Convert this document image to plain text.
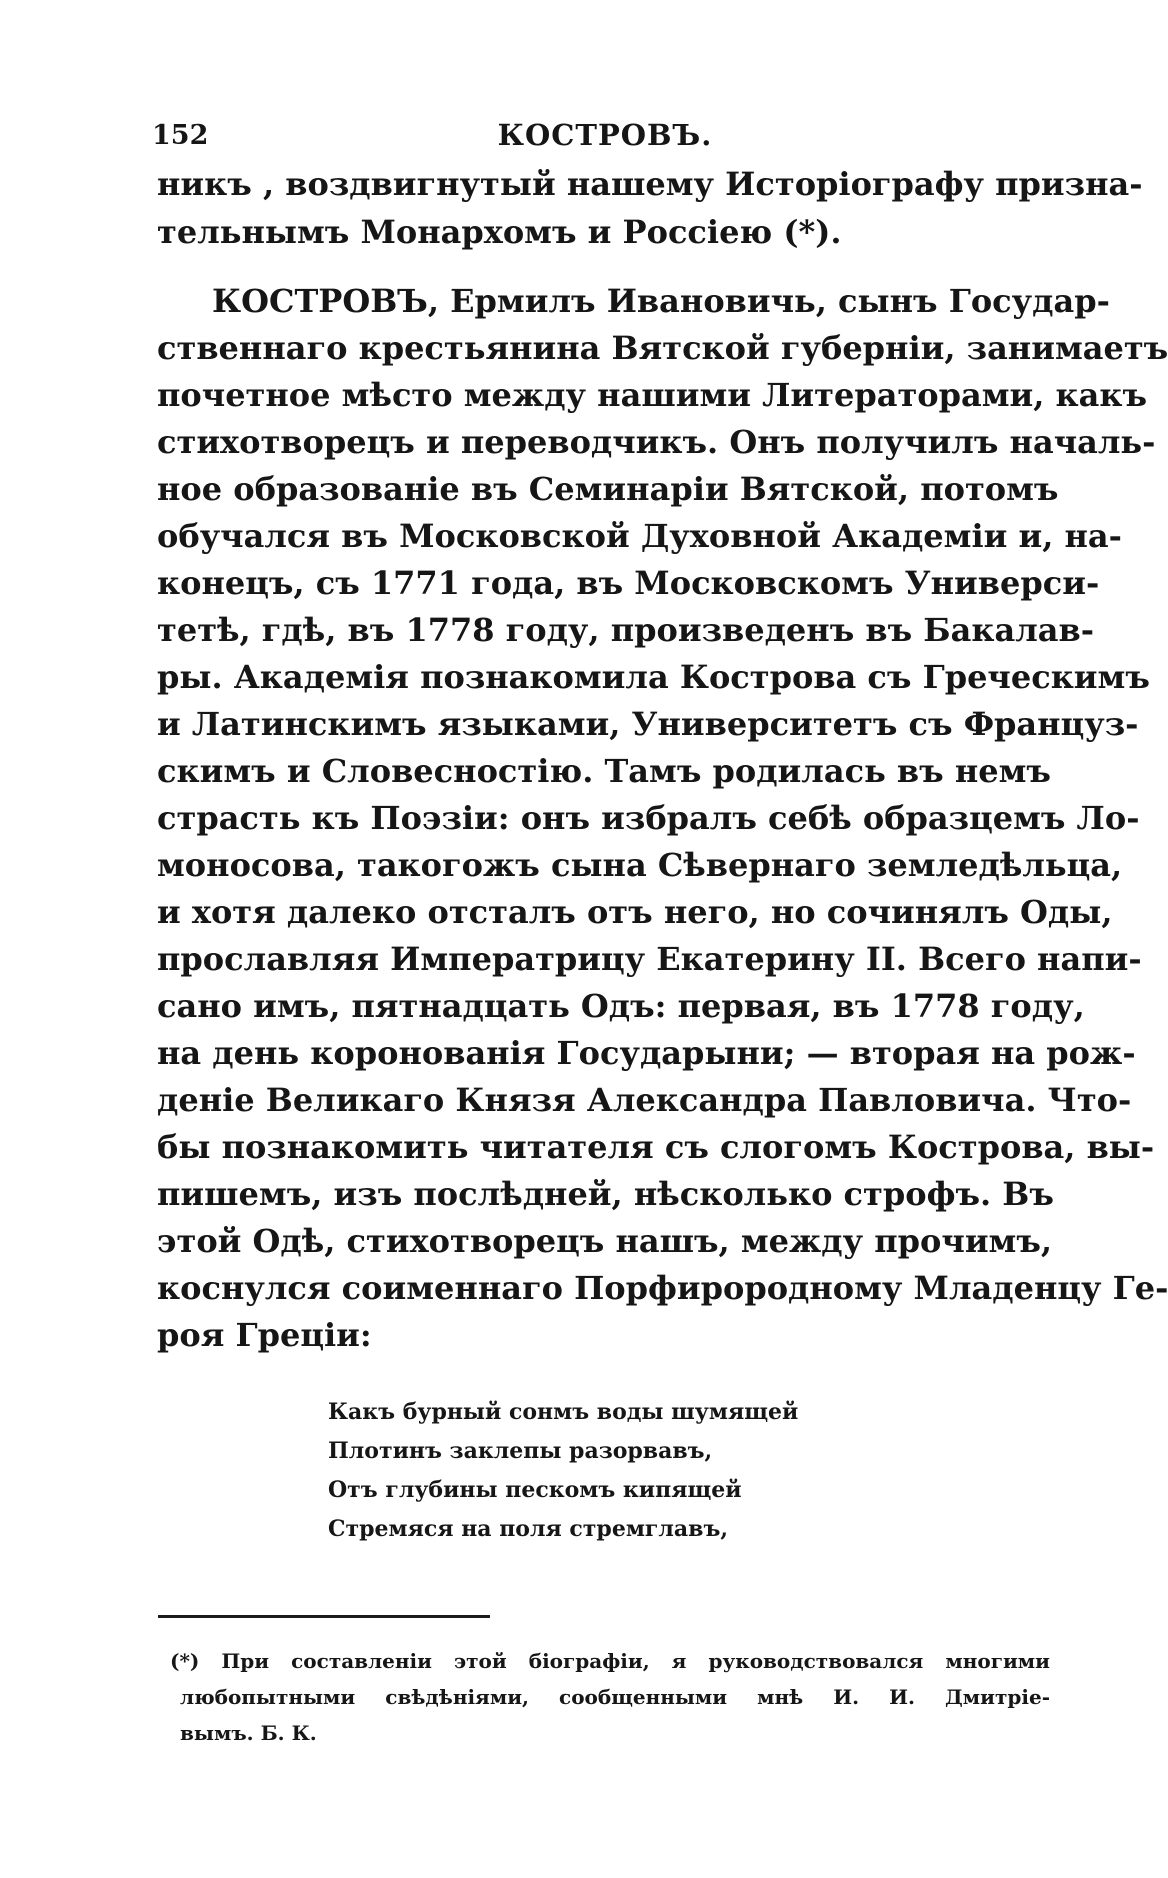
152	КОСТРОВЪ.
никъ , воздвигнутый нашему Исторіографу призна-
тельнымъ Монархомъ и Россіею (*).
КОСТРОВЪ, Ермилъ Ивановичь, сынъ Государ-
ственнаго крестьянина Вятской губерніи, занимаетъ
почетное мѣсто между нашими Литераторами, какъ
стихотворецъ и переводчикъ. Онъ получилъ началь-
ное образованіе въ Семинаріи Вятской, потомъ
обучался въ Московской Духовной Академіи и, на-
конецъ, съ 1771 года, въ Московскомъ Универси-
тетѣ, гдѣ, въ 1778 году, произведенъ въ Бакалав-
ры. Академія познакомила Кострова съ Греческимъ
и Латинскимъ языками, Университетъ съ Француз-
скимъ и Словесностію. Тамъ родилась въ немъ
страсть къ Поэзіи: онъ избралъ себѣ образцемъ Ло-
моносова, такогожъ сына Сѣвернаго земледѣльца,
и хотя далеко отсталъ отъ него, но сочинялъ Оды,
прославляя Императрицу Екатерину II. Всего напи-
сано имъ, пятнадцать Одъ: первая, въ 1778 году,
на день коронованія Государыни; — вторая на рож-
деніе Великаго Князя Александра Павловича. Что-
бы познакомить читателя съ слогомъ Кострова, вы-
пишемъ, изъ послѣдней, нѣсколько строфъ. Въ
этой Одѣ, стихотворецъ нашъ, между прочимъ,
коснулся соименнаго Порфирородному Младенцу Ге-
роя Греціи:
Какъ бурный сонмъ воды шумящей
Плотинъ заклепы разорвавъ,
Отъ глубины пескомъ кипящей
Стремяся на поля стремглавъ,
(*) При составленіи этой біографіи, я руководствовался многими
любопытными свѣдѣніями, сообщенными мнѣ И. И. Дмитріе-
вымъ. Б. К.
